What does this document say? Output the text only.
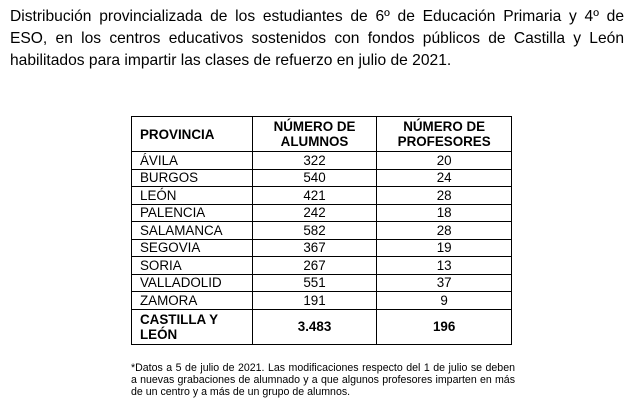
Distribución provincializada de los estudiantes de 6º de Educación Primaria y 4º de ESO, en los centros educativos sostenidos con fondos públicos de Castilla y León habilitados para impartir las clases de refuerzo en julio de 2021.

PROVINCIA	NÚMERO DE ALUMNOS	NÚMERO DE PROFESORES
ÁVILA	322	20
BURGOS	540	24
LEÓN	421	28
PALENCIA	242	18
SALAMANCA	582	28
SEGOVIA	367	19
SORIA	267	13
VALLADOLID	551	37
ZAMORA	191	9
CASTILLA Y LEÓN	3.483	196

*Datos a 5 de julio de 2021. Las modificaciones respecto del 1 de julio se deben a nuevas grabaciones de alumnado y a que algunos profesores imparten en más de un centro y a más de un grupo de alumnos.
